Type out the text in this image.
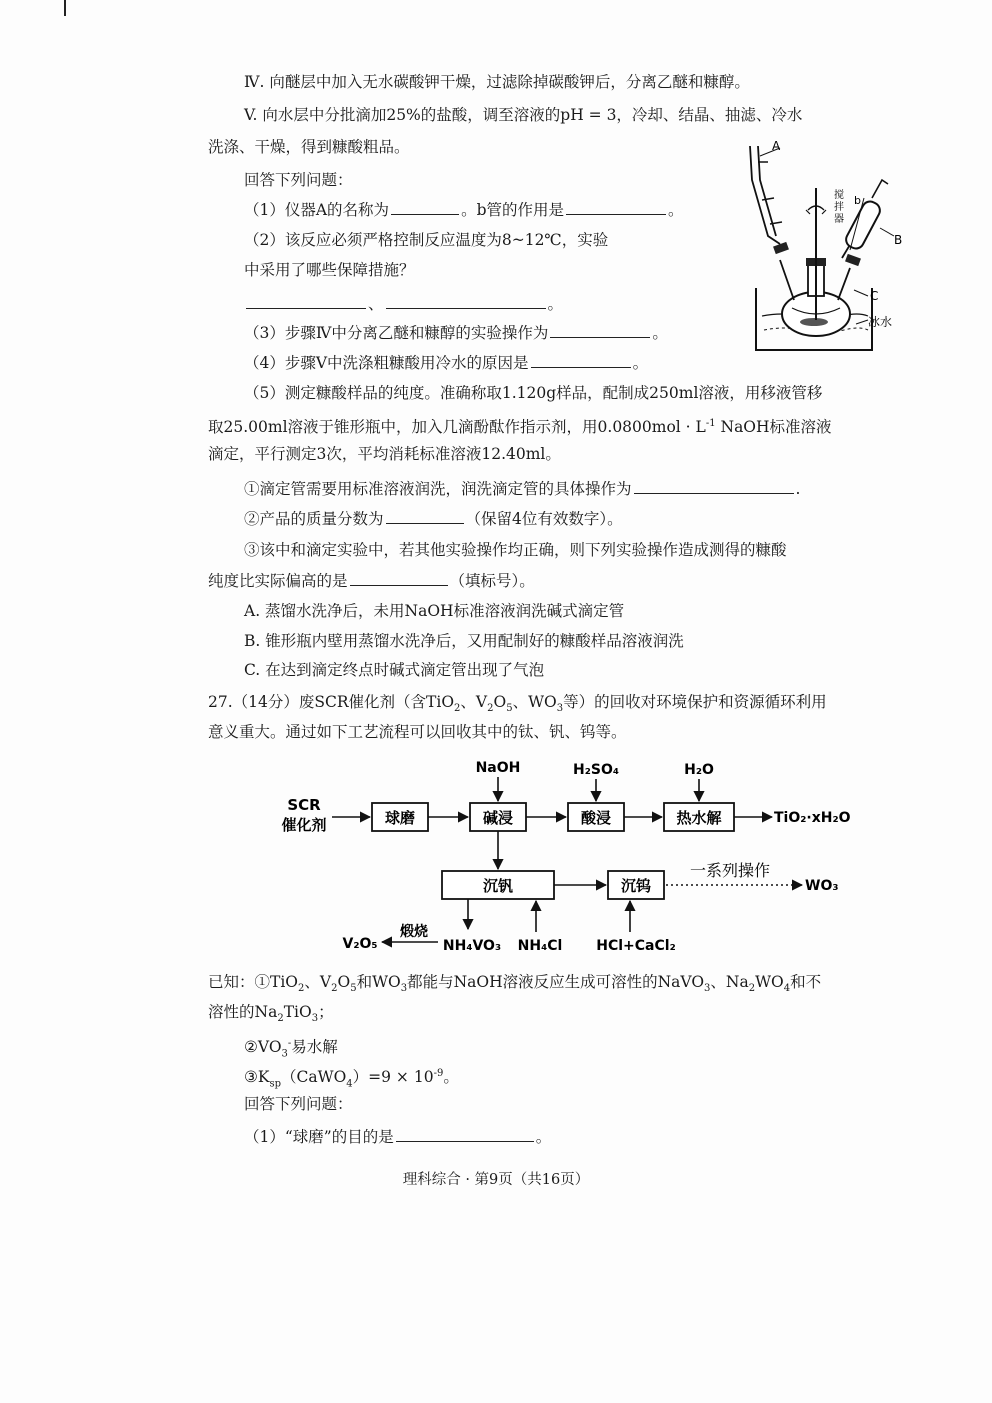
Ⅳ. 向醚层中加入无水碳酸钾干燥，过滤除掉碳酸钾后，分离乙醚和糠醇。
V. 向水层中分批滴加25%的盐酸，调至溶液的pH = 3，冷却、结晶、抽滤、冷水
洗涤、干燥，得到糠酸粗品。
回答下列问题：
（1）仪器A的名称为	。b管的作用是	。
（2）该反应必须严格控制反应温度为8~12℃，实验
中采用了哪些保障措施？
、	。
（3）步骤Ⅳ中分离乙醚和糠醇的实验操作为	。
（4）步骤Ⅴ中洗涤粗糠酸用冷水的原因是	。
（5）测定糠酸样品的纯度。准确称取1.120g样品，配制成250ml溶液，用移液管移
取25.00ml溶液于锥形瓶中，加入几滴酚酞作指示剂，用$0.0800mol \cdot L^{-1}$ NaOH标准溶液
滴定，平行测定3次，平均消耗标准溶液12.40ml。
①滴定管需要用标准溶液润洗，润洗滴定管的具体操作为	.
②产品的质量分数为	（保留4位有效数字）。
③该中和滴定实验中，若其他实验操作均正确，则下列实验操作造成测得的糠酸
纯度比实际偏高的是	（填标号）。
A. 蒸馏水洗净后，未用NaOH标准溶液润洗碱式滴定管
B. 锥形瓶内壁用蒸馏水洗净后，又用配制好的糠酸样品溶液润洗
C. 在达到滴定终点时碱式滴定管出现了气泡
27.（14分）废SCR催化剂（含TiO$_2$、$V_2O_5$、$WO_3$等）的回收对环境保护和资源循环利用
意义重大。通过如下工艺流程可以回收其中的钛、钒、钨等。
SCR
催化剂	球磨	碱浸
NaOH
酸浸
H₂SO₄
热水解
H₂O
TiO₂·xH₂O
沉钒	沉钨
一系列操作
WO₃
NH₄VO₃
煅烧
V₂O₅	NH₄Cl HCl+CaCl₂
已知：①TiO$_2$、$V_2O_5$和$WO_3$都能与NaOH溶液反应生成可溶性的NaVO$_3$、$Na_2WO_4$和不
溶性的$Na_2TiO_3$；
$②VO_3^-$易水解
$③K_{sp}(CaWO_4)=9 \times 10^{-9}$。
回答下列问题：
（1）“球磨”的目的是	。
理科综合 · 第9页（共16页）
搅
拌
器
A
b
B
C
冰水
